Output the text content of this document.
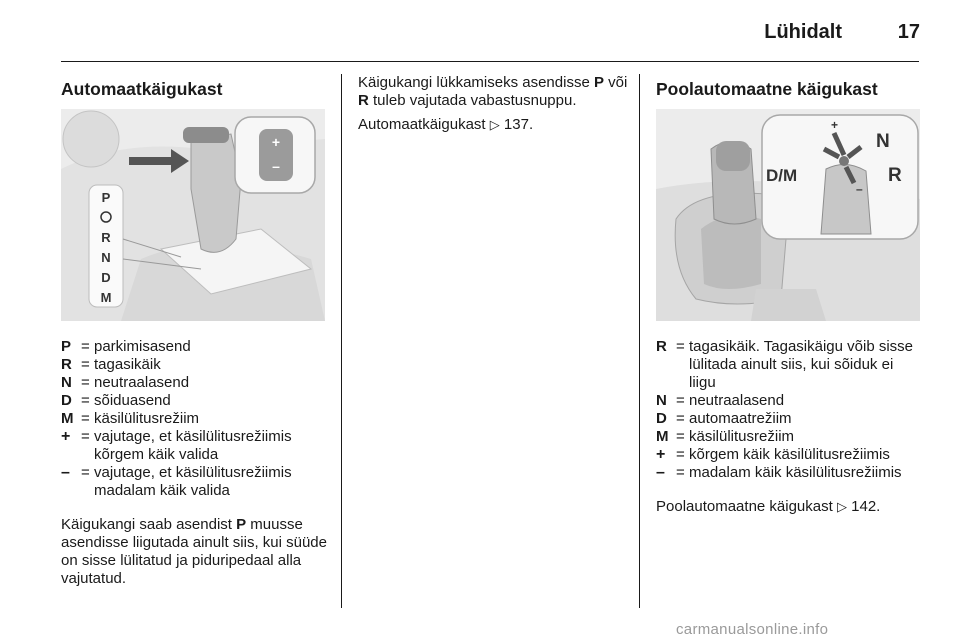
Lühidalt	17
Automaatkäigukast
+
–
P
R
N
D
M
P = parkimisasend
R = tagasikäik
N = neutraalasend
D = sõiduasend
M = käsilülitusrežiim
+ = vajutage, et käsilülitusrežiimis kõrgem käik valida
– = vajutage, et käsilülitusrežiimis madalam käik valida

Käigukangi saab asendist P muusse asendisse liigutada ainult siis, kui süüde on sisse lülitatud ja piduripedaal alla vajutatud.

Käigukangi lükkamiseks asendisse P või R tuleb vajutada vabastusnuppu.

Automaatkäigukast ▷ 137.

Poolautomaatne käigukast
+
–
D/M
N
R
R = tagasikäik. Tagasikäigu võib sisse lülitada ainult siis, kui sõiduk ei liigu
N = neutraalasend
D = automaatrežiim
M = käsilülitusrežiim
+ = kõrgem käik käsilülitusrežiimis
– = madalam käik käsilülitusrežiimis

Poolautomaatne käigukast ▷ 142.

carmanualsonline.info
